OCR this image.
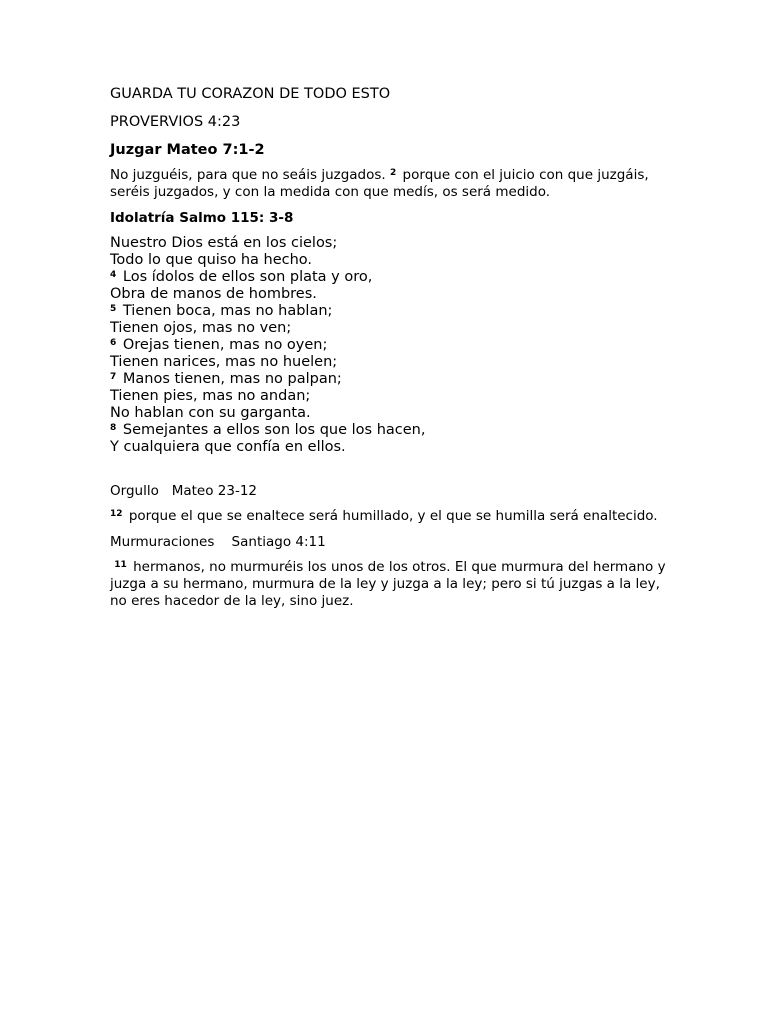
GUARDA TU CORAZON DE TODO ESTO

PROVERVIOS 4:23

Juzgar Mateo 7:1-2

No juzguéis, para que no seáis juzgados. $^2$ porque con el juicio con que juzgáis, seréis juzgados, y con la medida con que medís, os será medido.

Idolatría Salmo 115: 3-8

Nuestro Dios está en los cielos;
Todo lo que quiso ha hecho.
$^4$ Los ídolos de ellos son plata y oro,
Obra de manos de hombres.
$^5$ Tienen boca, mas no hablan;
Tienen ojos, mas no ven;
$^6$ Orejas tienen, mas no oyen;
Tienen narices, mas no huelen;
$^7$ Manos tienen, mas no palpan;
Tienen pies, mas no andan;
No hablan con su garganta.
$^8$ Semejantes a ellos son los que los hacen,
Y cualquiera que confía en ellos.

Orgullo   Mateo 23-12

$^{12}$ porque el que se enaltece será humillado, y el que se humilla será enaltecido.

Murmuraciones    Santiago 4:11

$^{11}$ hermanos, no murmuréis los unos de los otros. El que murmura del hermano y juzga a su hermano, murmura de la ley y juzga a la ley; pero si tú juzgas a la ley, no eres hacedor de la ley, sino juez.
